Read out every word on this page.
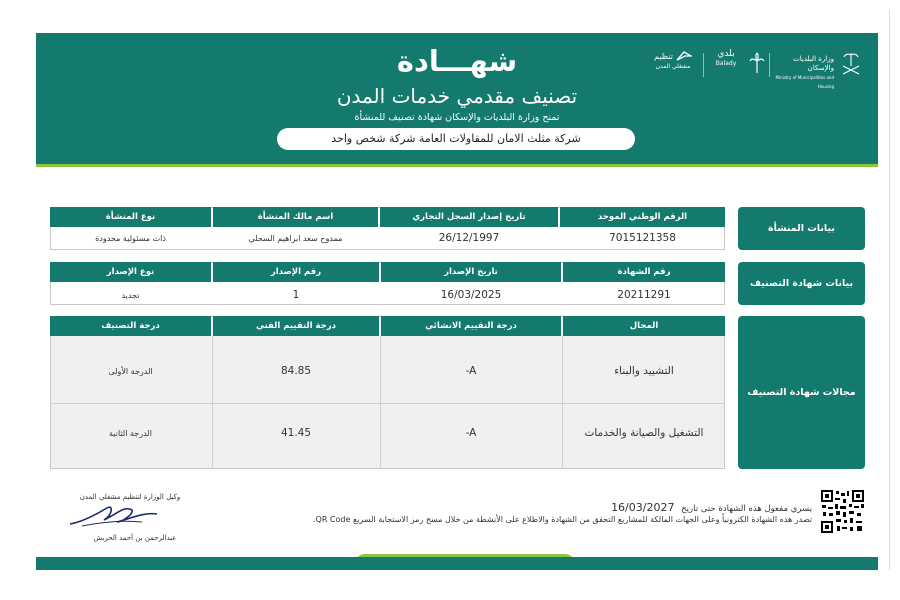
شهـــادة
تصنيف مقدمي خدمات المدن
تمنح وزارة البلديات والإسكان شهادة تصنيف للمنشأة
شركة مثلث الامان للمقاولات العامة شركة شخص واحد
تنظيم
مشغلي المدن
بلدي
Balady
وزارة البلديات والإسكان
Ministry of Municipalities and Housing
بيانات المنشأة
بيانات شهادة التصنيف
مجالات شهادة التصنيف
الرقم الوطني الموحد
تاريخ إصدار السجل التجاري
اسم مالك المنشأة
نوع المنشأة
7015121358
26/12/1997
ممدوح سعد ابراهيم السحلي
ذات مسئولية محدودة
رقم الشهادة
تاريخ الإصدار
رقم الإصدار
نوع الإصدار
20211291
16/03/2025
1
تجديد
المجال
درجة التقييم الانشائي
درجة التقييم الفني
درجة التصنيف
التشييد والبناء
-A
84.85
الدرجة الأولى
التشغيل والصيانة والخدمات
-A
41.45
الدرجة الثانية
يسري مفعول هذه الشهادة حتى تاريخ 16/03/2027
تصدر هذه الشهادة الكترونياً وعلى الجهات المالكة للمشاريع التحقق من الشهادة والاطلاع على الأنشطة من خلال مسح رمز الاستجابة السريع QR Code.
وكيل الوزارة لتنظيم مشغلي المدن
عبدالرحمن بن أحمد الحربش
